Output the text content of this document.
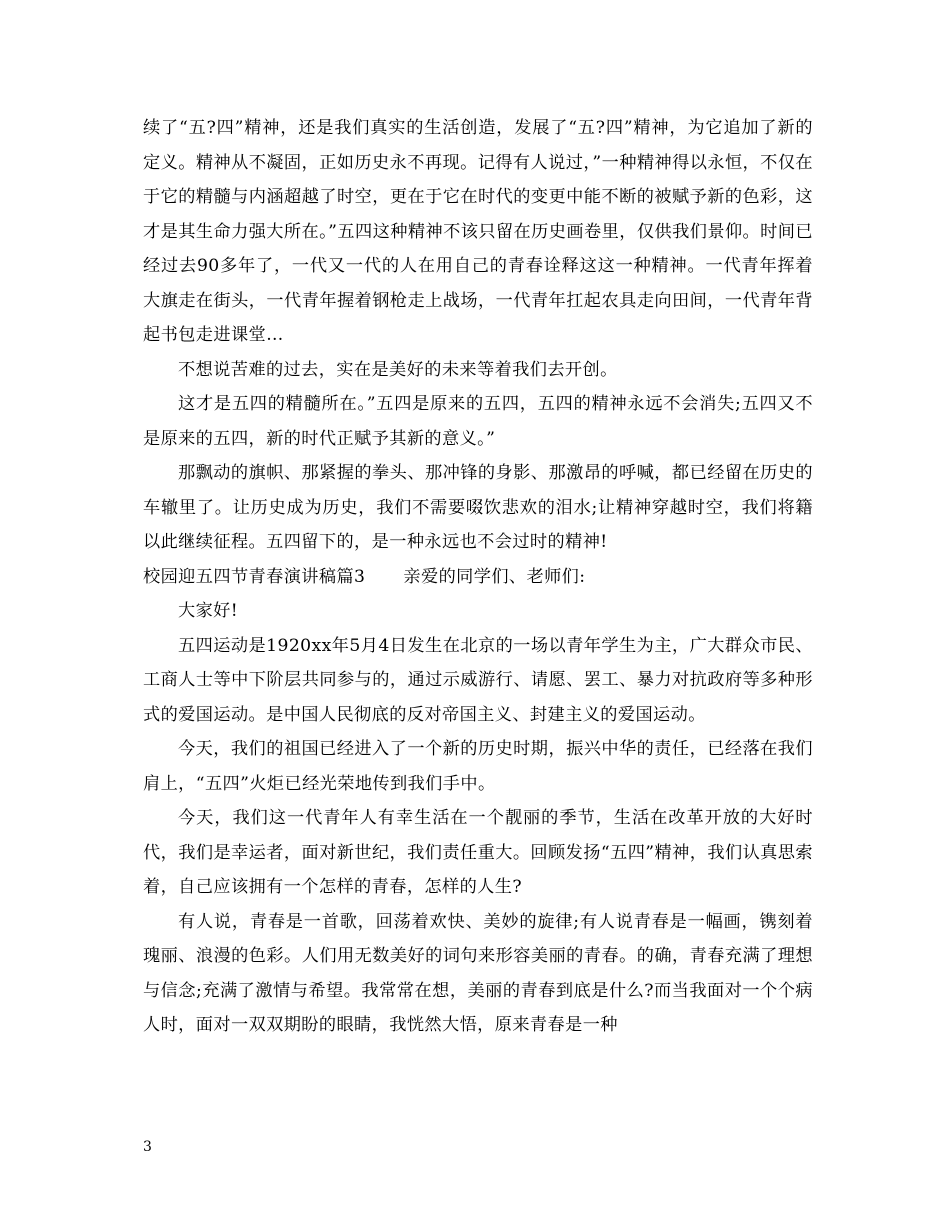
续了“五?四”精神，还是我们真实的生活创造，发展了“五?四”精神，为它追加了新的定义。精神从不凝固，正如历史永不再现。记得有人说过，”一种精神得以永恒，不仅在于它的精髓与内涵超越了时空，更在于它在时代的变更中能不断的被赋予新的色彩，这才是其生命力强大所在。”五四这种精神不该只留在历史画卷里，仅供我们景仰。时间已经过去90多年了，一代又一代的人在用自己的青春诠释这这一种精神。一代青年挥着大旗走在街头，一代青年握着钢枪走上战场，一代青年扛起农具走向田间，一代青年背起书包走进课堂…

不想说苦难的过去，实在是美好的未来等着我们去开创。

这才是五四的精髓所在。”五四是原来的五四，五四的精神永远不会消失;五四又不是原来的五四，新的时代正赋予其新的意义。”

那飘动的旗帜、那紧握的拳头、那冲锋的身影、那激昂的呼喊，都已经留在历史的车辙里了。让历史成为历史，我们不需要啜饮悲欢的泪水;让精神穿越时空，我们将籍以此继续征程。五四留下的，是一种永远也不会过时的精神!

校园迎五四节青春演讲稿篇3 亲爱的同学们、老师们:

大家好!

五四运动是1920xx年5月4日发生在北京的一场以青年学生为主，广大群众市民、工商人士等中下阶层共同参与的，通过示威游行、请愿、罢工、暴力对抗政府等多种形式的爱国运动。是中国人民彻底的反对帝国主义、封建主义的爱国运动。

今天，我们的祖国已经进入了一个新的历史时期，振兴中华的责任，已经落在我们肩上，“五四”火炬已经光荣地传到我们手中。

今天，我们这一代青年人有幸生活在一个靓丽的季节，生活在改革开放的大好时代，我们是幸运者，面对新世纪，我们责任重大。回顾发扬“五四”精神，我们认真思索着，自己应该拥有一个怎样的青春，怎样的人生?

有人说，青春是一首歌，回荡着欢快、美妙的旋律;有人说青春是一幅画，镌刻着瑰丽、浪漫的色彩。人们用无数美好的词句来形容美丽的青春。的确，青春充满了理想与信念;充满了激情与希望。我常常在想，美丽的青春到底是什么?而当我面对一个个病人时，面对一双双期盼的眼睛，我恍然大悟，原来青春是一种

3
